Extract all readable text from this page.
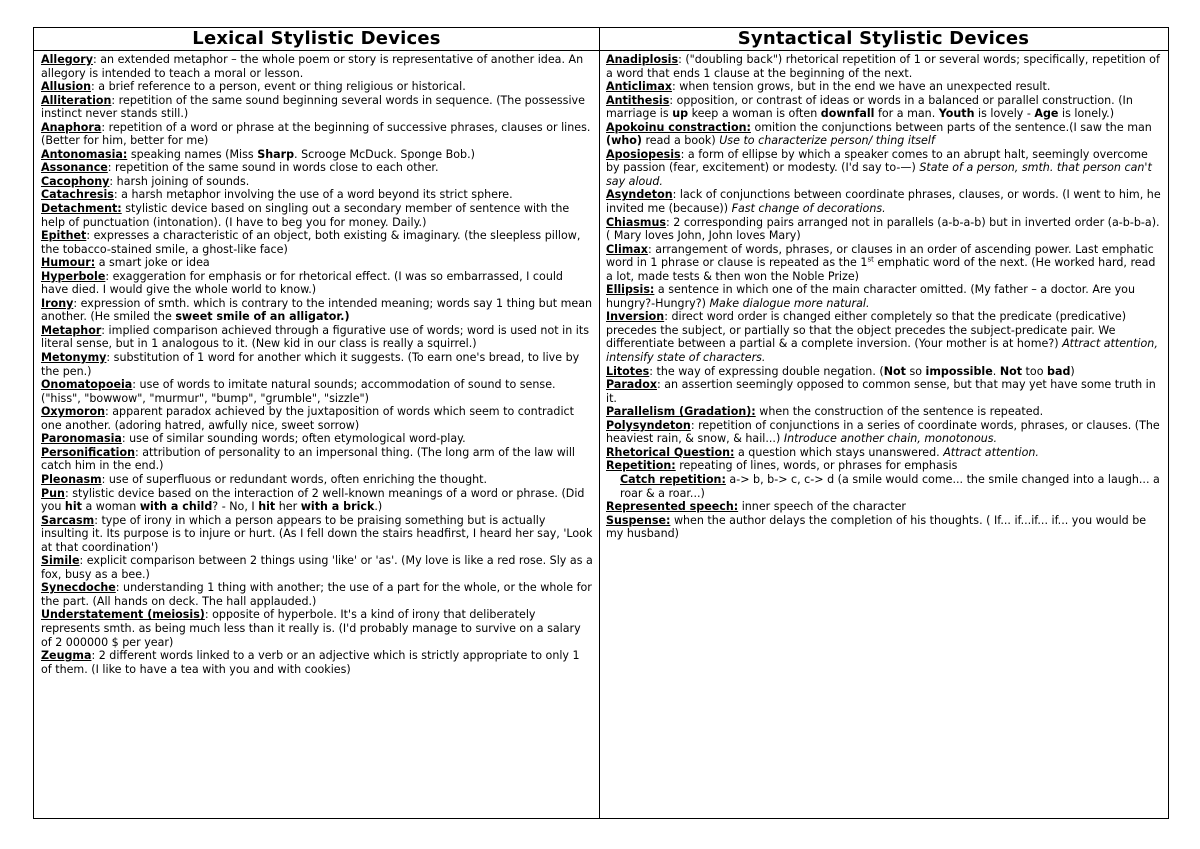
Lexical Stylistic Devices
Allegory: an extended metaphor – the whole poem or story is representative of another idea. An allegory is intended to teach a moral or lesson.
Allusion: a brief reference to a person, event or thing religious or historical.
Alliteration: repetition of the same sound beginning several words in sequence. (The possessive instinct never stands still.)
Anaphora: repetition of a word or phrase at the beginning of successive phrases, clauses or lines. (Better for him, better for me)
Antonomasia: speaking names (Miss Sharp. Scrooge McDuck. Sponge Bob.)
Assonance: repetition of the same sound in words close to each other.
Cacophony: harsh joining of sounds.
Catachresis: a harsh metaphor involving the use of a word beyond its strict sphere.
Detachment: stylistic device based on singling out a secondary member of sentence with the help of punctuation (intonation). (I have to beg you for money. Daily.)
Epithet: expresses a characteristic of an object, both existing & imaginary. (the sleepless pillow, the tobacco-stained smile, a ghost-like face)
Humour: a smart joke or idea
Hyperbole: exaggeration for emphasis or for rhetorical effect. (I was so embarrassed, I could have died. I would give the whole world to know.)
Irony: expression of smth. which is contrary to the intended meaning; words say 1 thing but mean another. (He smiled the sweet smile of an alligator.)
Metaphor: implied comparison achieved through a figurative use of words; word is used not in its literal sense, but in 1 analogous to it. (New kid in our class is really a squirrel.)
Metonymy: substitution of 1 word for another which it suggests. (To earn one's bread, to live by the pen.)
Onomatopoeia: use of words to imitate natural sounds; accommodation of sound to sense. ("hiss", "bowwow", "murmur", "bump", "grumble", "sizzle")
Oxymoron: apparent paradox achieved by the juxtaposition of words which seem to contradict one another. (adoring hatred, awfully nice, sweet sorrow)
Paronomasia: use of similar sounding words; often etymological word-play.
Personification: attribution of personality to an impersonal thing. (The long arm of the law will catch him in the end.)
Pleonasm: use of superfluous or redundant words, often enriching the thought.
Pun: stylistic device based on the interaction of 2 well-known meanings of a word or phrase. (Did you hit a woman with a child? - No, I hit her with a brick.)
Sarcasm: type of irony in which a person appears to be praising something but is actually insulting it. Its purpose is to injure or hurt. (As I fell down the stairs headfirst, I heard her say, 'Look at that coordination')
Simile: explicit comparison between 2 things using 'like' or 'as'. (My love is like a red rose. Sly as a fox, busy as a bee.)
Synecdoche: understanding 1 thing with another; the use of a part for the whole, or the whole for the part. (All hands on deck. The hall applauded.)
Understatement (meiosis): opposite of hyperbole. It's a kind of irony that deliberately represents smth. as being much less than it really is. (I'd probably manage to survive on a salary of 2 000000 $ per year)
Zeugma: 2 different words linked to a verb or an adjective which is strictly appropriate to only 1 of them. (I like to have a tea with you and with cookies)
Syntactical Stylistic Devices
Anadiplosis: ("doubling back") rhetorical repetition of 1 or several words; specifically, repetition of a word that ends 1 clause at the beginning of the next.
Anticlimax: when tension grows, but in the end we have an unexpected result.
Antithesis: opposition, or contrast of ideas or words in a balanced or parallel construction. (In marriage is up keep a woman is often downfall for a man. Youth is lovely - Age is lonely.)
Apokoinu constraction: omition the conjunctions between parts of the sentence.(I saw the man (who) read a book) Use to characterize person/ thing itself
Aposiopesis: a form of ellipse by which a speaker comes to an abrupt halt, seemingly overcome by passion (fear, excitement) or modesty. (I'd say to-—) State of a person, smth. that person can't say aloud.
Asyndeton: lack of conjunctions between coordinate phrases, clauses, or words. (I went to him, he invited me (because)) Fast change of decorations.
Chiasmus: 2 corresponding pairs arranged not in parallels (a-b-a-b) but in inverted order (a-b-b-a). ( Mary loves John, John loves Mary)
Climax: arrangement of words, phrases, or clauses in an order of ascending power. Last emphatic word in 1 phrase or clause is repeated as the 1st emphatic word of the next. (He worked hard, read a lot, made tests & then won the Noble Prize)
Ellipsis: a sentence in which one of the main character omitted. (My father – a doctor. Are you hungry?-Hungry?) Make dialogue more natural.
Inversion: direct word order is changed either completely so that the predicate (predicative) precedes the subject, or partially so that the object precedes the subject-predicate pair. We differentiate between a partial & a complete inversion. (Your mother is at home?) Attract attention, intensify state of characters.
Litotes: the way of expressing double negation. (Not so impossible. Not too bad)
Paradox: an assertion seemingly opposed to common sense, but that may yet have some truth in it.
Parallelism (Gradation): when the construction of the sentence is repeated.
Polysyndeton: repetition of conjunctions in a series of coordinate words, phrases, or clauses. (The heaviest rain, & snow, & hail...) Introduce another chain, monotonous.
Rhetorical Question: a question which stays unanswered. Attract attention.
Repetition: repeating of lines, words, or phrases for emphasis
Catch repetition: a-> b, b-> c, c-> d (a smile would come... the smile changed into a laugh... a roar & a roar...)
Represented speech: inner speech of the character
Suspense: when the author delays the completion of his thoughts. ( If... if...if... if... you would be my husband)
